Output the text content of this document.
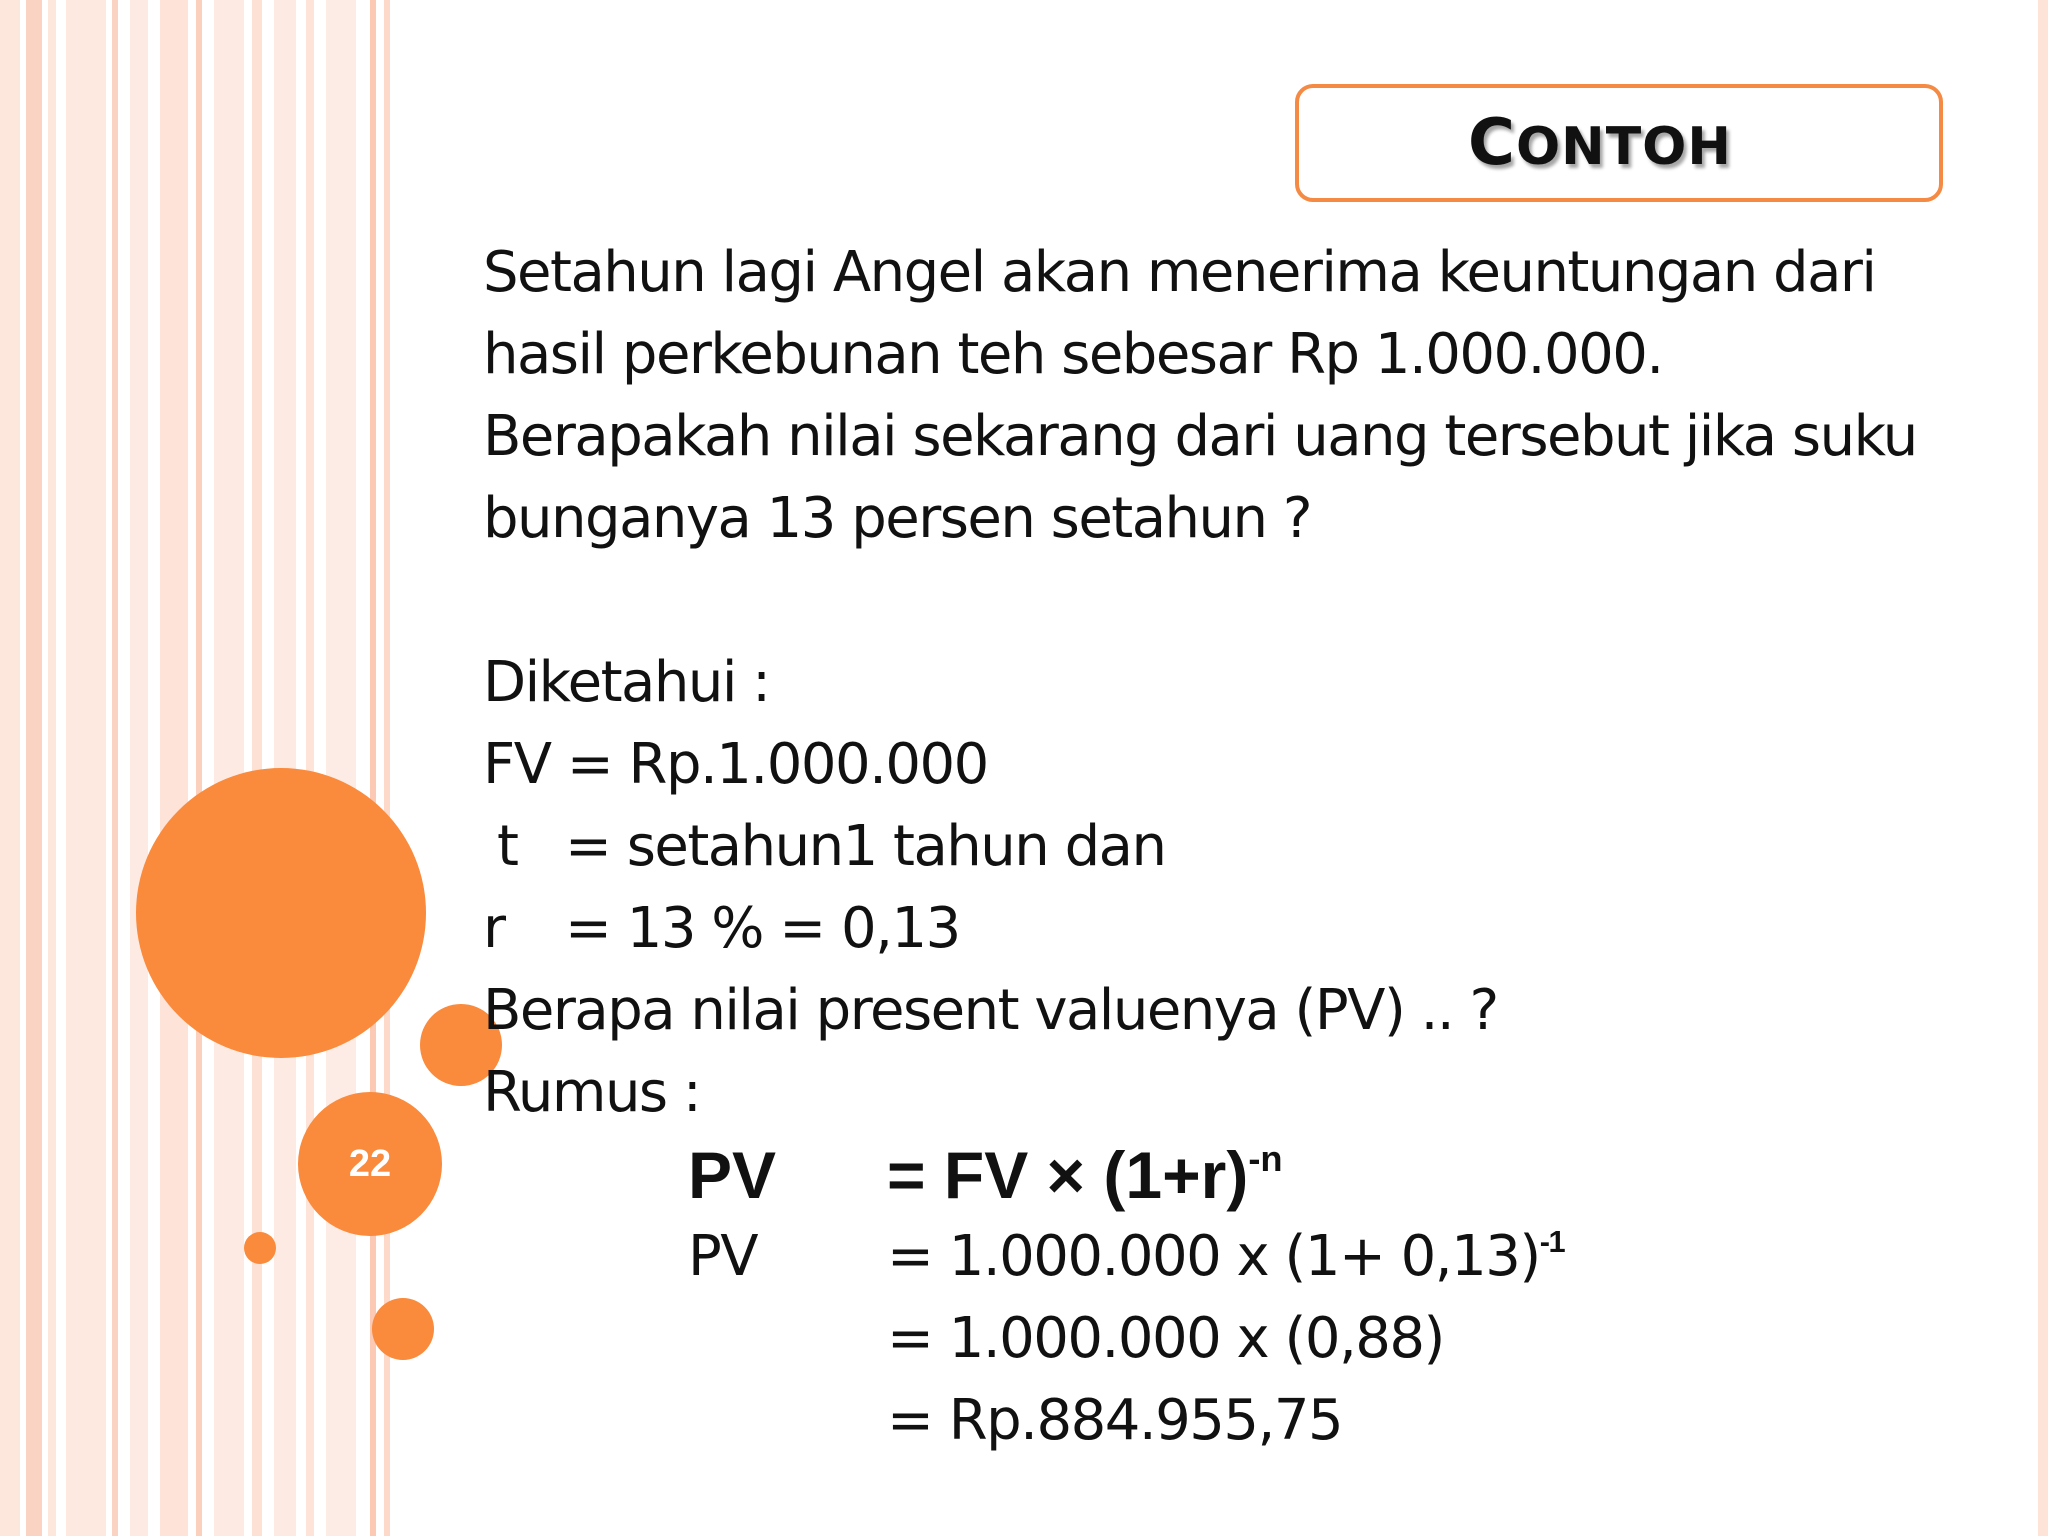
22
CONTOH

Setahun lagi Angel akan menerima keuntungan dari

hasil perkebunan teh sebesar Rp 1.000.000.

Berapakah nilai sekarang dari uang tersebut jika suku

bunganya 13 persen setahun ?

Diketahui :

FV = Rp.1.000.000

t = setahun1 tahun dan
r = 13 % = 0,13

Berapa nilai present valuenya (PV) .. ?

Rumus :

PV = FV × $(1+r)^{-n}$
PV = 1.000.000 x $(1+ 0,13)^{-1}$
= 1.000.000 x (0,88)
= Rp.884.955,75
